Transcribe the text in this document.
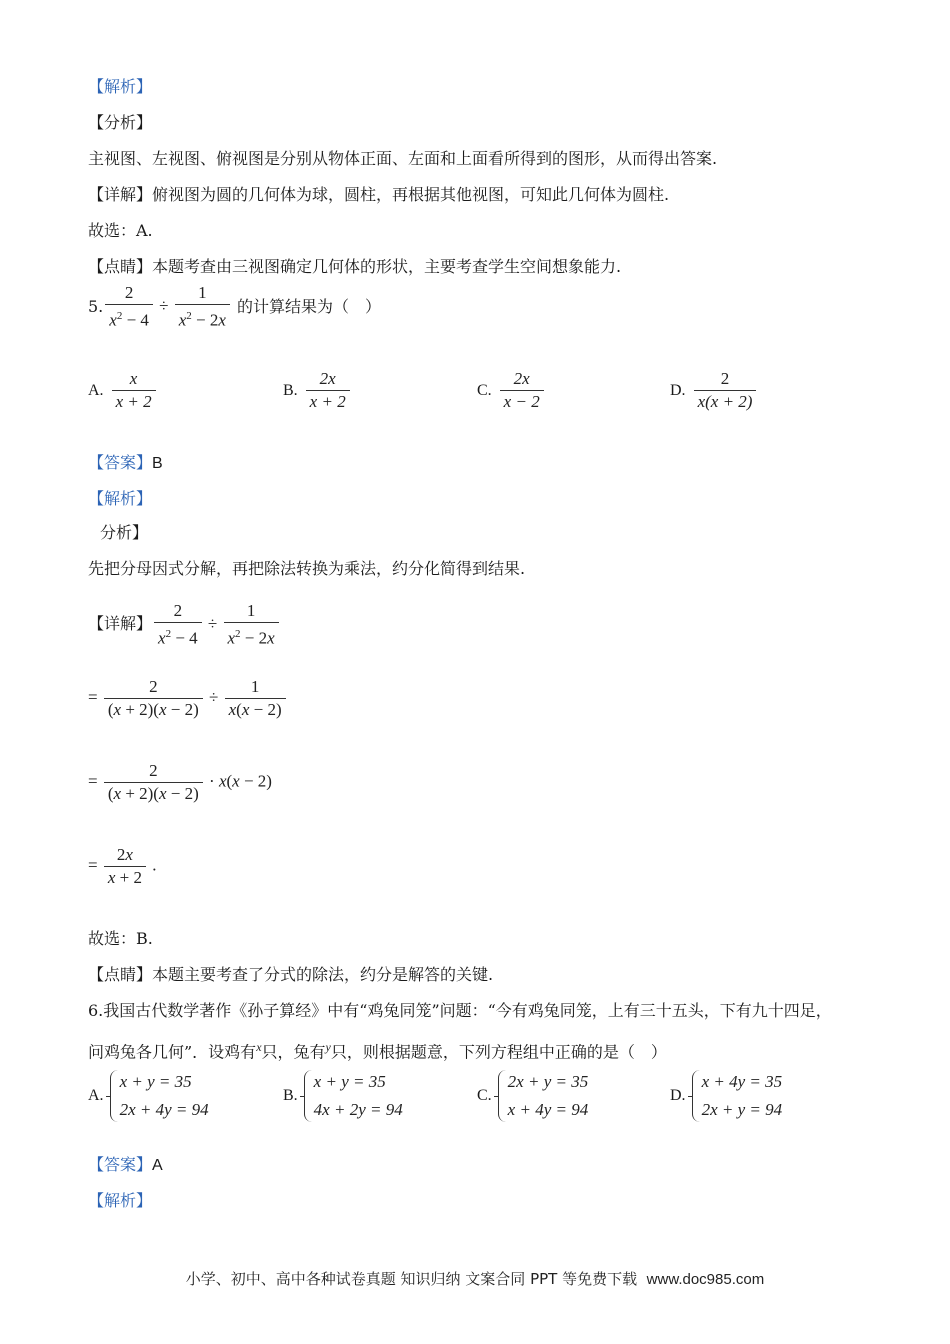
【解析】
【分析】
主视图、左视图、俯视图是分别从物体正面、左面和上面看所得到的图形，从而得出答案.
【详解】俯视图为圆的几何体为球，圆柱，再根据其他视图，可知此几何体为圆柱.
故选：A.
【点睛】本题考查由三视图确定几何体的形状，主要考查学生空间想象能力.
5. $\frac{2}{x^2 - 4} \div \frac{1}{x^2 - 2x}$ 的计算结果为（　）
A. $\frac{x}{x + 2}$	B. $\frac{2x}{x + 2}$	C. $\frac{2x}{x - 2}$	D. $\frac{2}{x(x + 2)}$
【答案】B
【解析】
分析】
先把分母因式分解，再把除法转换为乘法，约分化简得到结果.
【详解】 $\frac{2}{x^2 - 4} \div \frac{1}{x^2 - 2x}$
= $\frac{2}{(x + 2)(x - 2)} \div \frac{1}{x(x - 2)}$
= $\frac{2}{(x + 2)(x - 2)} \cdot x(x - 2)$
= $\frac{2x}{x + 2}$ .
故选：B.
【点睛】本题主要考查了分式的除法，约分是解答的关键.
6.我国古代数学著作《孙子算经》中有“鸡兔同笼”问题：“今有鸡兔同笼，上有三十五头，下有九十四足，
问鸡兔各几何”．设鸡有$^x$只，兔有$^y$只，则根据题意，下列方程组中正确的是（　）
A.
x + y = 35
2x + 4y = 94
B.
x + y = 35
4x + 2y = 94
C.
2x + y = 35
x + 4y = 94
D.
x + 4y = 35
2x + y = 94
【答案】A
【解析】
小学、初中、高中各种试卷真题 知识归纳 文案合同 PPT 等免费下载 www.doc985.com
